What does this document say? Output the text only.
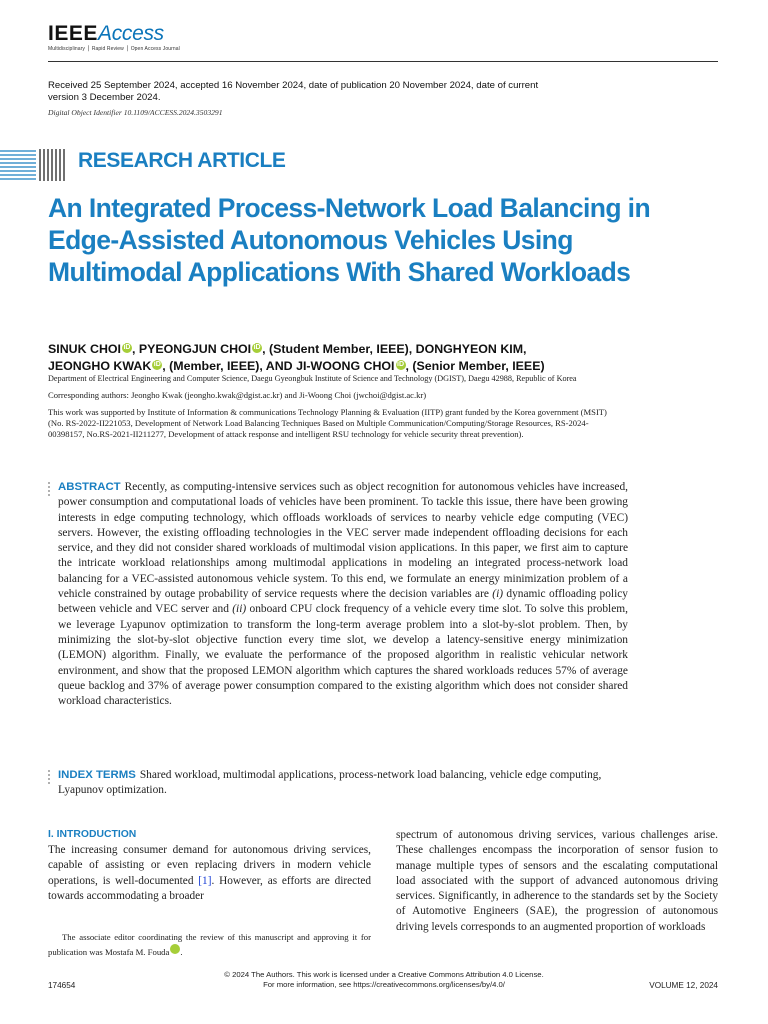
IEEE Access
Multidisciplinary ⎪ Rapid Review ⎪ Open Access Journal
Received 25 September 2024, accepted 16 November 2024, date of publication 20 November 2024, date of current version 3 December 2024.
Digital Object Identifier 10.1109/ACCESS.2024.3503291
RESEARCH ARTICLE
An Integrated Process-Network Load Balancing in Edge-Assisted Autonomous Vehicles Using Multimodal Applications With Shared Workloads
SINUK CHOI iD , PYEONGJUN CHOI iD , (Student Member, IEEE), DONGHYEON KIM,
JEONGHO KWAK iD , (Member, IEEE), AND JI-WOONG CHOI iD , (Senior Member, IEEE)
Department of Electrical Engineering and Computer Science, Daegu Gyeongbuk Institute of Science and Technology (DGIST), Daegu 42988, Republic of Korea
Corresponding authors: Jeongho Kwak (jeongho.kwak@dgist.ac.kr) and Ji-Woong Choi (jwchoi@dgist.ac.kr)
This work was supported by Institute of Information & communications Technology Planning & Evaluation (IITP) grant funded by the Korea government (MSIT) (No. RS-2022-II221053, Development of Network Load Balancing Techniques Based on Multiple Communication/Computing/Storage Resources, RS-2024-00398157, No.RS-2021-II211277, Development of attack response and intelligent RSU technology for vehicle security threat prevention).
ABSTRACT Recently, as computing-intensive services such as object recognition for autonomous vehicles have increased, power consumption and computational loads of vehicles have been prominent. To tackle this issue, there have been growing interests in edge computing technology, which offloads workloads of services to nearby vehicle edge computing (VEC) servers. However, the existing offloading technologies in the VEC server made independent offloading decisions for each service, and they did not consider shared workloads of multimodal vision applications. In this paper, we first aim to capture the intricate workload relationships among multimodal applications in modeling an integrated process-network load balancing for a VEC-assisted autonomous vehicle system. To this end, we formulate an energy minimization problem of a vehicle constrained by outage probability of service requests where the decision variables are (i) dynamic offloading policy between vehicle and VEC server and (ii) onboard CPU clock frequency of a vehicle every time slot. To solve this problem, we leverage Lyapunov optimization to transform the long-term average problem into a slot-by-slot problem. Then, by minimizing the slot-by-slot objective function every time slot, we develop a latency-sensitive energy minimization (LEMON) algorithm. Finally, we evaluate the performance of the proposed algorithm in realistic vehicular network environment, and show that the proposed LEMON algorithm which captures the shared workloads reduces 57% of average queue backlog and 37% of average power consumption compared to the existing algorithm which does not consider shared workload characteristics.
INDEX TERMS Shared workload, multimodal applications, process-network load balancing, vehicle edge computing, Lyapunov optimization.
I. INTRODUCTION
The increasing consumer demand for autonomous driving services, capable of assisting or even replacing drivers in modern vehicle operations, is well-documented [1]. However, as efforts are directed towards accommodating a broader
spectrum of autonomous driving services, various challenges arise. These challenges encompass the incorporation of sensor fusion to manage multiple types of sensors and the escalating computational load associated with the support of advanced autonomous driving services. Significantly, in adherence to the standards set by the Society of Automotive Engineers (SAE), the progression of autonomous driving levels corresponds to an augmented proportion of workloads
The associate editor coordinating the review of this manuscript and approving it for publication was Mostafa M. Fouda iD.
© 2024 The Authors. This work is licensed under a Creative Commons Attribution 4.0 License.
For more information, see https://creativecommons.org/licenses/by/4.0/
174654	VOLUME 12, 2024
